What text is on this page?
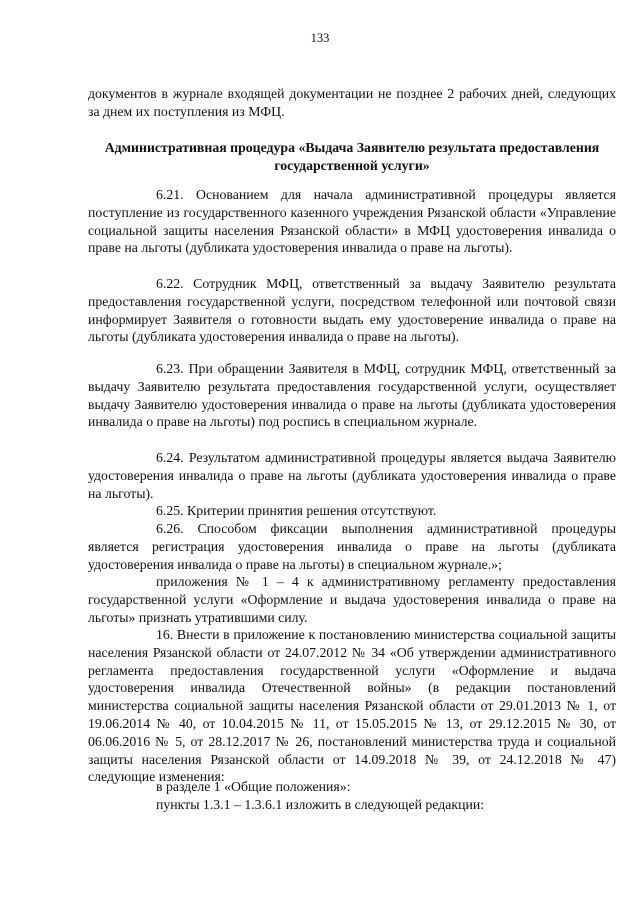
133

документов в журнале входящей документации не позднее 2 рабочих дней, следующих за днем их поступления из МФЦ.

Административная процедура «Выдача Заявителю результата предоставления государственной услуги»

6.21. Основанием для начала административной процедуры является поступление из государственного казенного учреждения Рязанской области «Управление социальной защиты населения Рязанской области» в МФЦ удостоверения инвалида о праве на льготы (дубликата удостоверения инвалида о праве на льготы).

6.22. Сотрудник МФЦ, ответственный за выдачу Заявителю результата предоставления государственной услуги, посредством телефонной или почтовой связи информирует Заявителя о готовности выдать ему удостоверение инвалида о праве на льготы (дубликата удостоверения инвалида о праве на льготы).

6.23. При обращении Заявителя в МФЦ, сотрудник МФЦ, ответственный за выдачу Заявителю результата предоставления государственной услуги, осуществляет выдачу Заявителю удостоверения инвалида о праве на льготы (дубликата удостоверения инвалида о праве на льготы) под роспись в специальном журнале.

6.24. Результатом административной процедуры является выдача Заявителю удостоверения инвалида о праве на льготы (дубликата удостоверения инвалида о праве на льготы).

6.25. Критерии принятия решения отсутствуют.

6.26. Способом фиксации выполнения административной процедуры является регистрация удостоверения инвалида о праве на льготы (дубликата удостоверения инвалида о праве на льготы) в специальном журнале.»;

приложения № 1 – 4 к административному регламенту предоставления государственной услуги «Оформление и выдача удостоверения инвалида о праве на льготы» признать утратившими силу.

16. Внести в приложение к постановлению министерства социальной защиты населения Рязанской области от 24.07.2012 № 34 «Об утверждении административного регламента предоставления государственной услуги «Оформление и выдача удостоверения инвалида Отечественной войны» (в редакции постановлений министерства социальной защиты населения Рязанской области от 29.01.2013 № 1, от 19.06.2014 № 40, от 10.04.2015 № 11, от 15.05.2015 № 13, от 29.12.2015 № 30, от 06.06.2016 № 5, от 28.12.2017 № 26, постановлений министерства труда и социальной защиты населения Рязанской области от 14.09.2018 № 39, от 24.12.2018 № 47) следующие изменения:

в разделе 1 «Общие положения»:

пункты 1.3.1 – 1.3.6.1 изложить в следующей редакции:
